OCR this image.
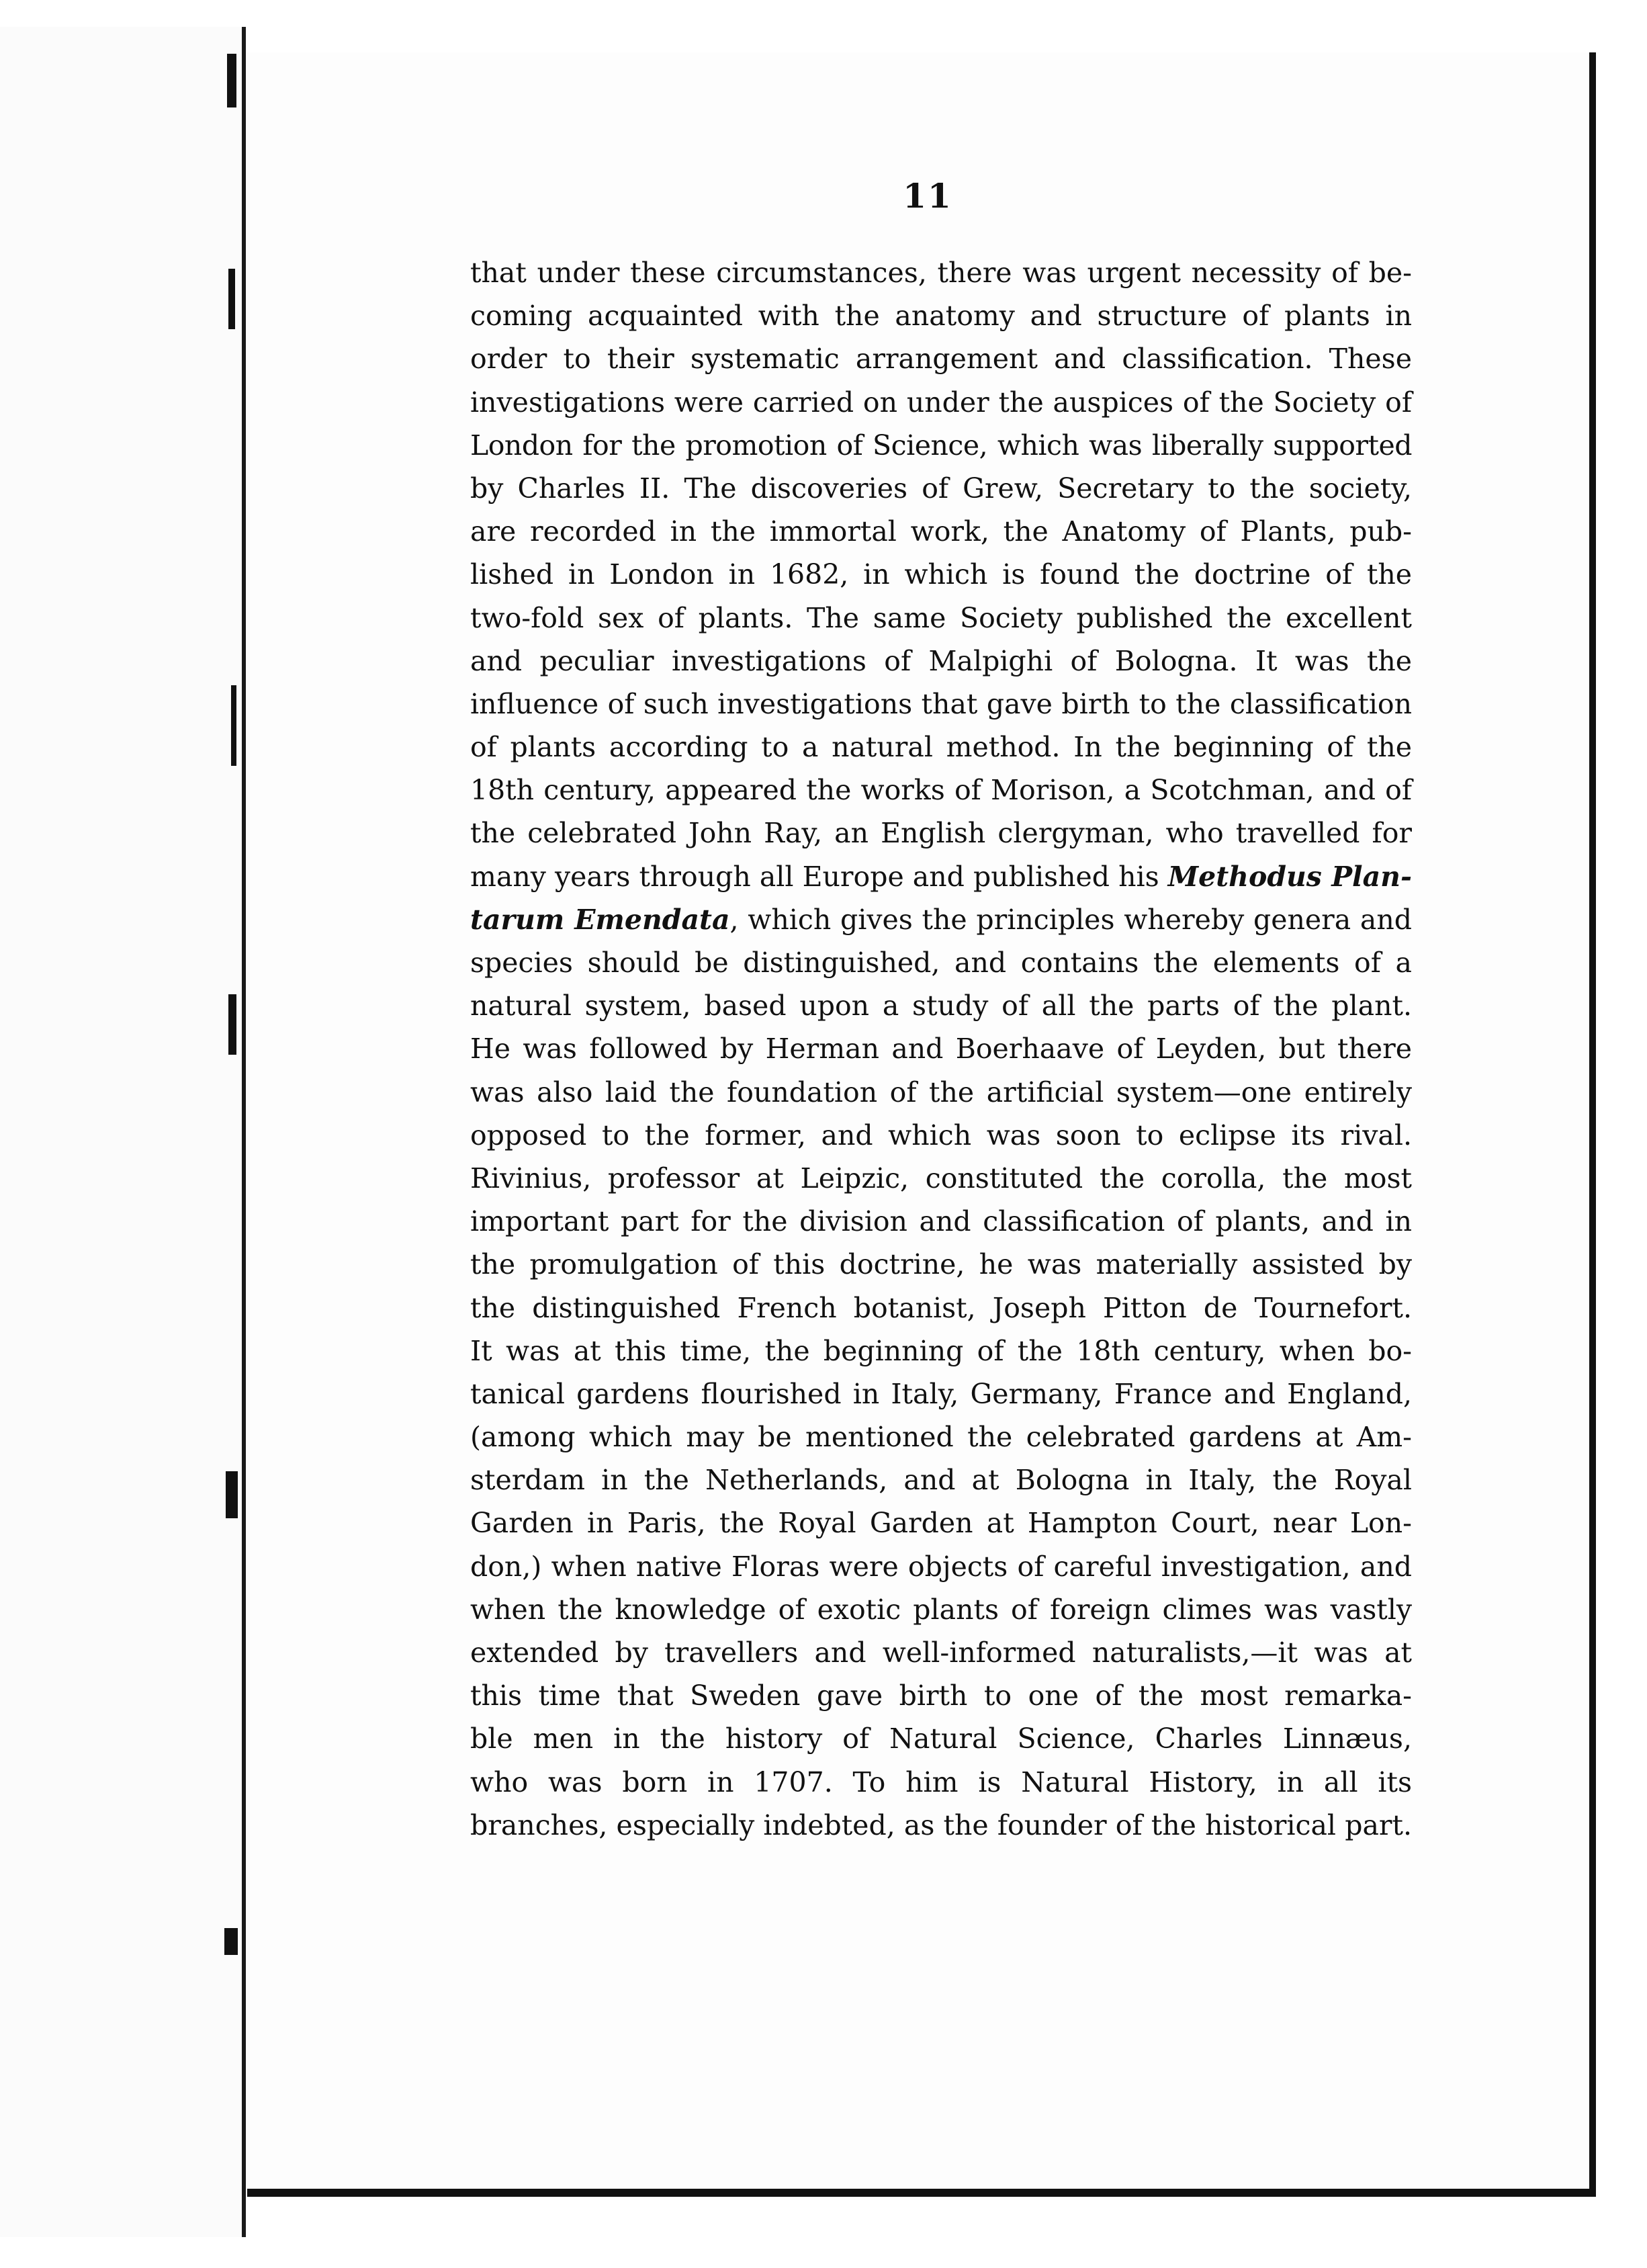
11
that under these circumstances, there was urgent necessity of be-
coming acquainted with the anatomy and structure of plants in
order to their systematic arrangement and classification. These
investigations were carried on under the auspices of the Society of
London for the promotion of Science, which was liberally supported
by Charles II. The discoveries of Grew, Secretary to the society,
are recorded in the immortal work, the Anatomy of Plants, pub-
lished in London in 1682, in which is found the doctrine of the
two-fold sex of plants. The same Society published the excellent
and peculiar investigations of Malpighi of Bologna. It was the
influence of such investigations that gave birth to the classification
of plants according to a natural method. In the beginning of the
18th century, appeared the works of Morison, a Scotchman, and of
the celebrated John Ray, an English clergyman, who travelled for
many years through all Europe and published his Methodus Plan-
tarum Emendata, which gives the principles whereby genera and
species should be distinguished, and contains the elements of a
natural system, based upon a study of all the parts of the plant.
He was followed by Herman and Boerhaave of Leyden, but there
was also laid the foundation of the artificial system—one entirely
opposed to the former, and which was soon to eclipse its rival.
Rivinius, professor at Leipzic, constituted the corolla, the most
important part for the division and classification of plants, and in
the promulgation of this doctrine, he was materially assisted by
the distinguished French botanist, Joseph Pitton de Tournefort.
It was at this time, the beginning of the 18th century, when bo-
tanical gardens flourished in Italy, Germany, France and England,
(among which may be mentioned the celebrated gardens at Am-
sterdam in the Netherlands, and at Bologna in Italy, the Royal
Garden in Paris, the Royal Garden at Hampton Court, near Lon-
don,) when native Floras were objects of careful investigation, and
when the knowledge of exotic plants of foreign climes was vastly
extended by travellers and well-informed naturalists,—it was at
this time that Sweden gave birth to one of the most remarka-
ble men in the history of Natural Science, Charles Linnæus,
who was born in 1707. To him is Natural History, in all its
branches, especially indebted, as the founder of the historical part.
